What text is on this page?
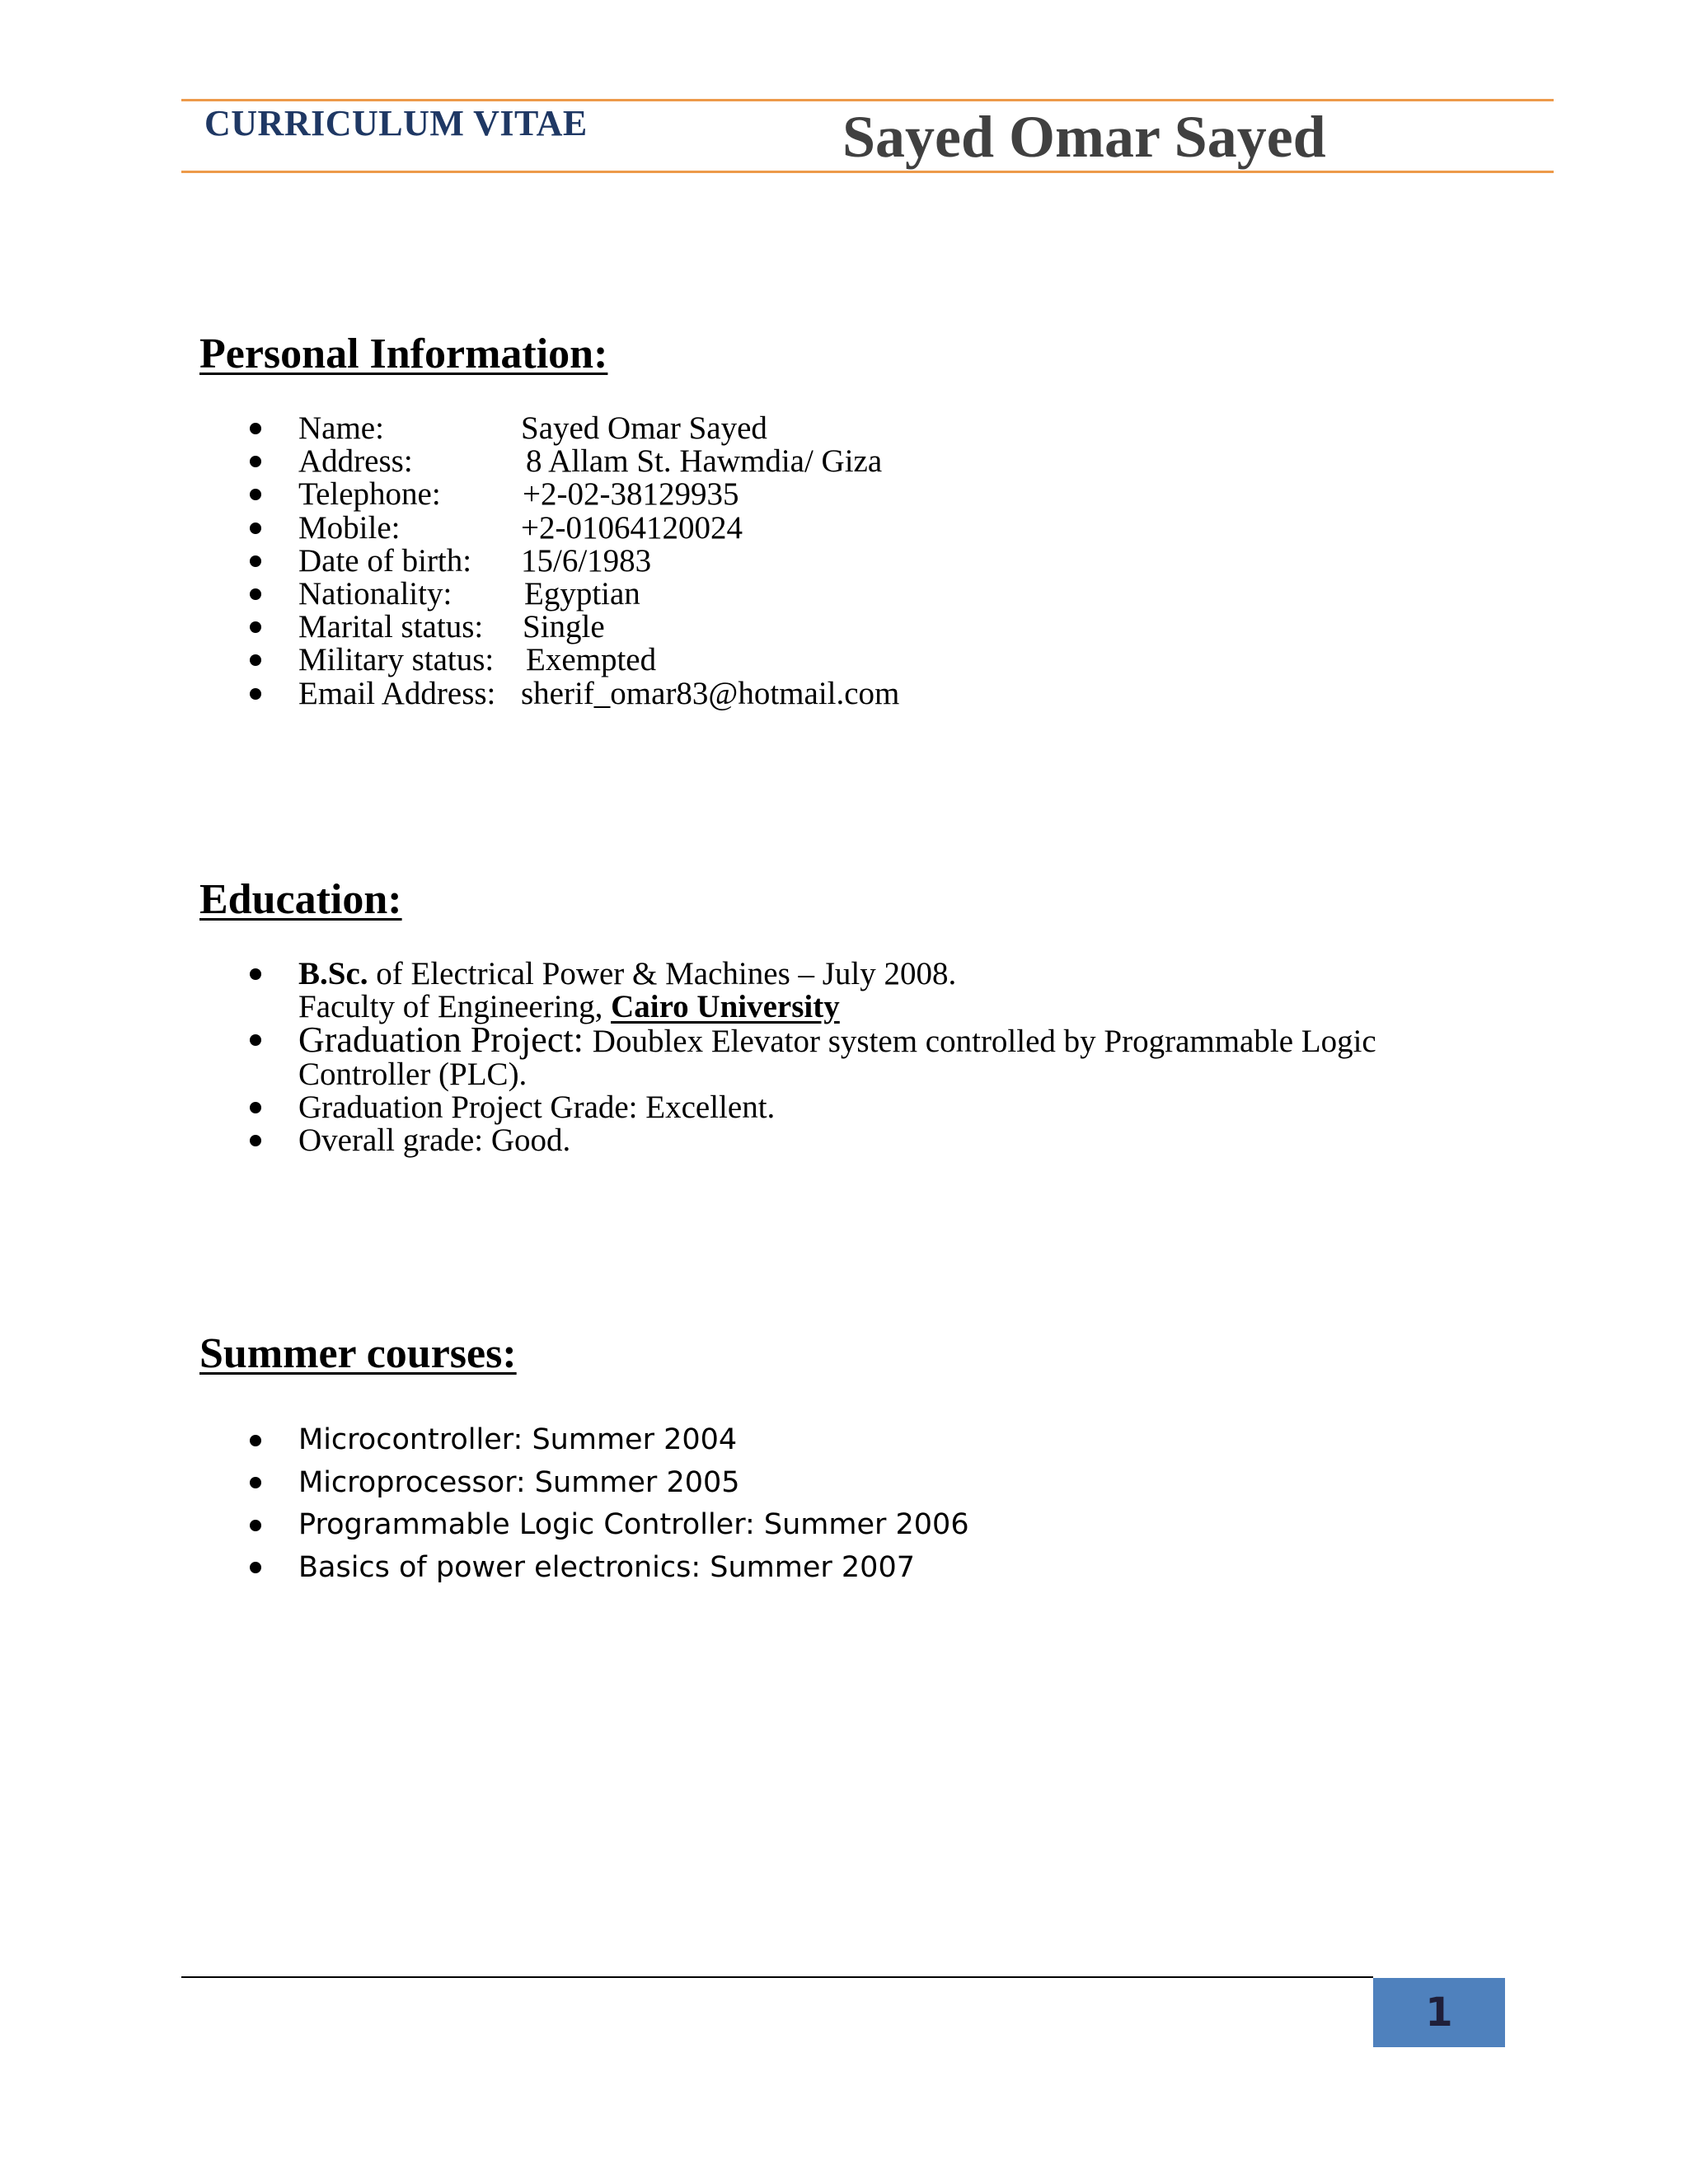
CURRICULUM VITAE	Sayed Omar Sayed
Personal Information:
Name:	Sayed Omar Sayed
Address:	8 Allam St. Hawmdia/ Giza
Telephone:	+2-02-38129935
Mobile:	+2-01064120024
Date of birth: 15/6/1983
Nationality: Egyptian
Marital status: Single
Military status: Exempted
Email Address: sherif_omar83@hotmail.com
Education:
B.Sc. of Electrical Power & Machines – July 2008.
Faculty of Engineering, Cairo University
Graduation Project: Doublex Elevator system controlled by Programmable Logic
Controller (PLC).
Graduation Project Grade: Excellent.
Overall grade: Good.
Summer courses:
Microcontroller: Summer 2004
Microprocessor: Summer 2005
Programmable Logic Controller: Summer 2006
Basics of power electronics: Summer 2007
1
